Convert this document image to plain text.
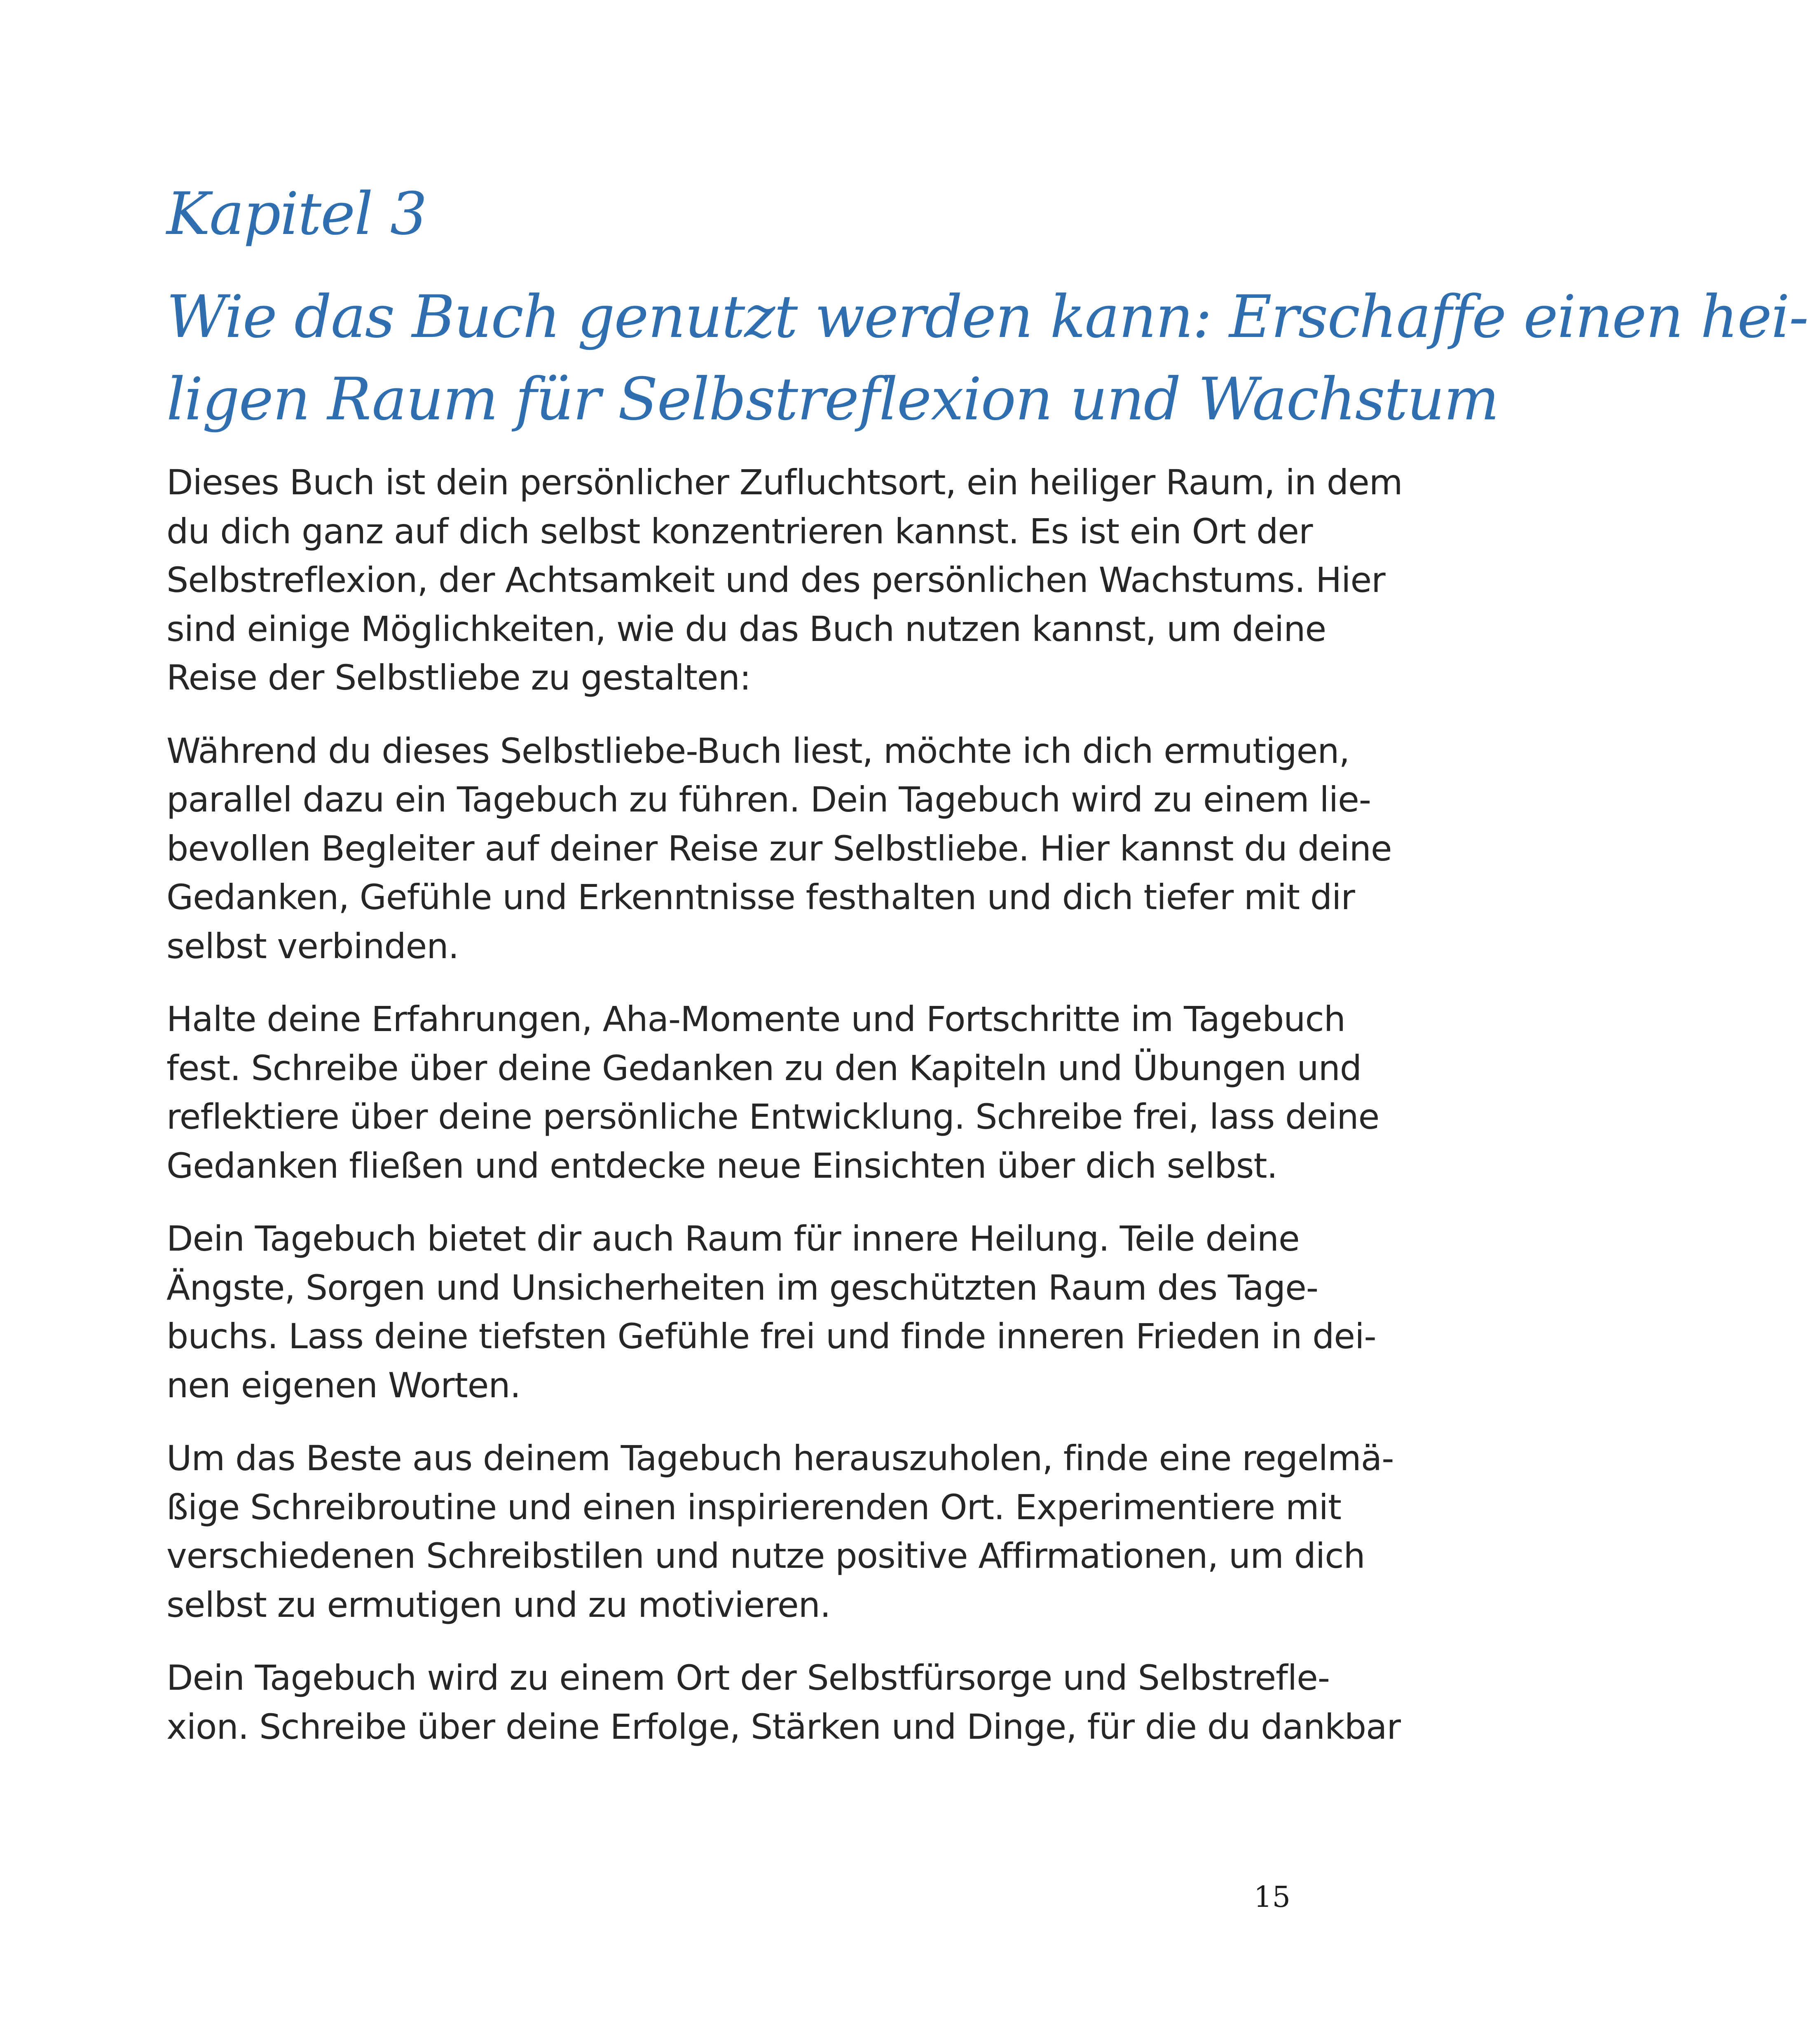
Kapitel 3
Wie das Buch genutzt werden kann: Erschaffe einen hei-
ligen Raum für Selbstreflexion und Wachstum

Dieses Buch ist dein persönlicher Zufluchtsort, ein heiliger Raum, in dem
du dich ganz auf dich selbst konzentrieren kannst. Es ist ein Ort der
Selbstreflexion, der Achtsamkeit und des persönlichen Wachstums. Hier
sind einige Möglichkeiten, wie du das Buch nutzen kannst, um deine
Reise der Selbstliebe zu gestalten:

Während du dieses Selbstliebe-Buch liest, möchte ich dich ermutigen,
parallel dazu ein Tagebuch zu führen. Dein Tagebuch wird zu einem lie-
bevollen Begleiter auf deiner Reise zur Selbstliebe. Hier kannst du deine
Gedanken, Gefühle und Erkenntnisse festhalten und dich tiefer mit dir
selbst verbinden.

Halte deine Erfahrungen, Aha-Momente und Fortschritte im Tagebuch
fest. Schreibe über deine Gedanken zu den Kapiteln und Übungen und
reflektiere über deine persönliche Entwicklung. Schreibe frei, lass deine
Gedanken fließen und entdecke neue Einsichten über dich selbst.

Dein Tagebuch bietet dir auch Raum für innere Heilung. Teile deine
Ängste, Sorgen und Unsicherheiten im geschützten Raum des Tage-
buchs. Lass deine tiefsten Gefühle frei und finde inneren Frieden in dei-
nen eigenen Worten.

Um das Beste aus deinem Tagebuch herauszuholen, finde eine regelmä-
ßige Schreibroutine und einen inspirierenden Ort. Experimentiere mit
verschiedenen Schreibstilen und nutze positive Affirmationen, um dich
selbst zu ermutigen und zu motivieren.

Dein Tagebuch wird zu einem Ort der Selbstfürsorge und Selbstrefle-
xion. Schreibe über deine Erfolge, Stärken und Dinge, für die du dankbar

15
